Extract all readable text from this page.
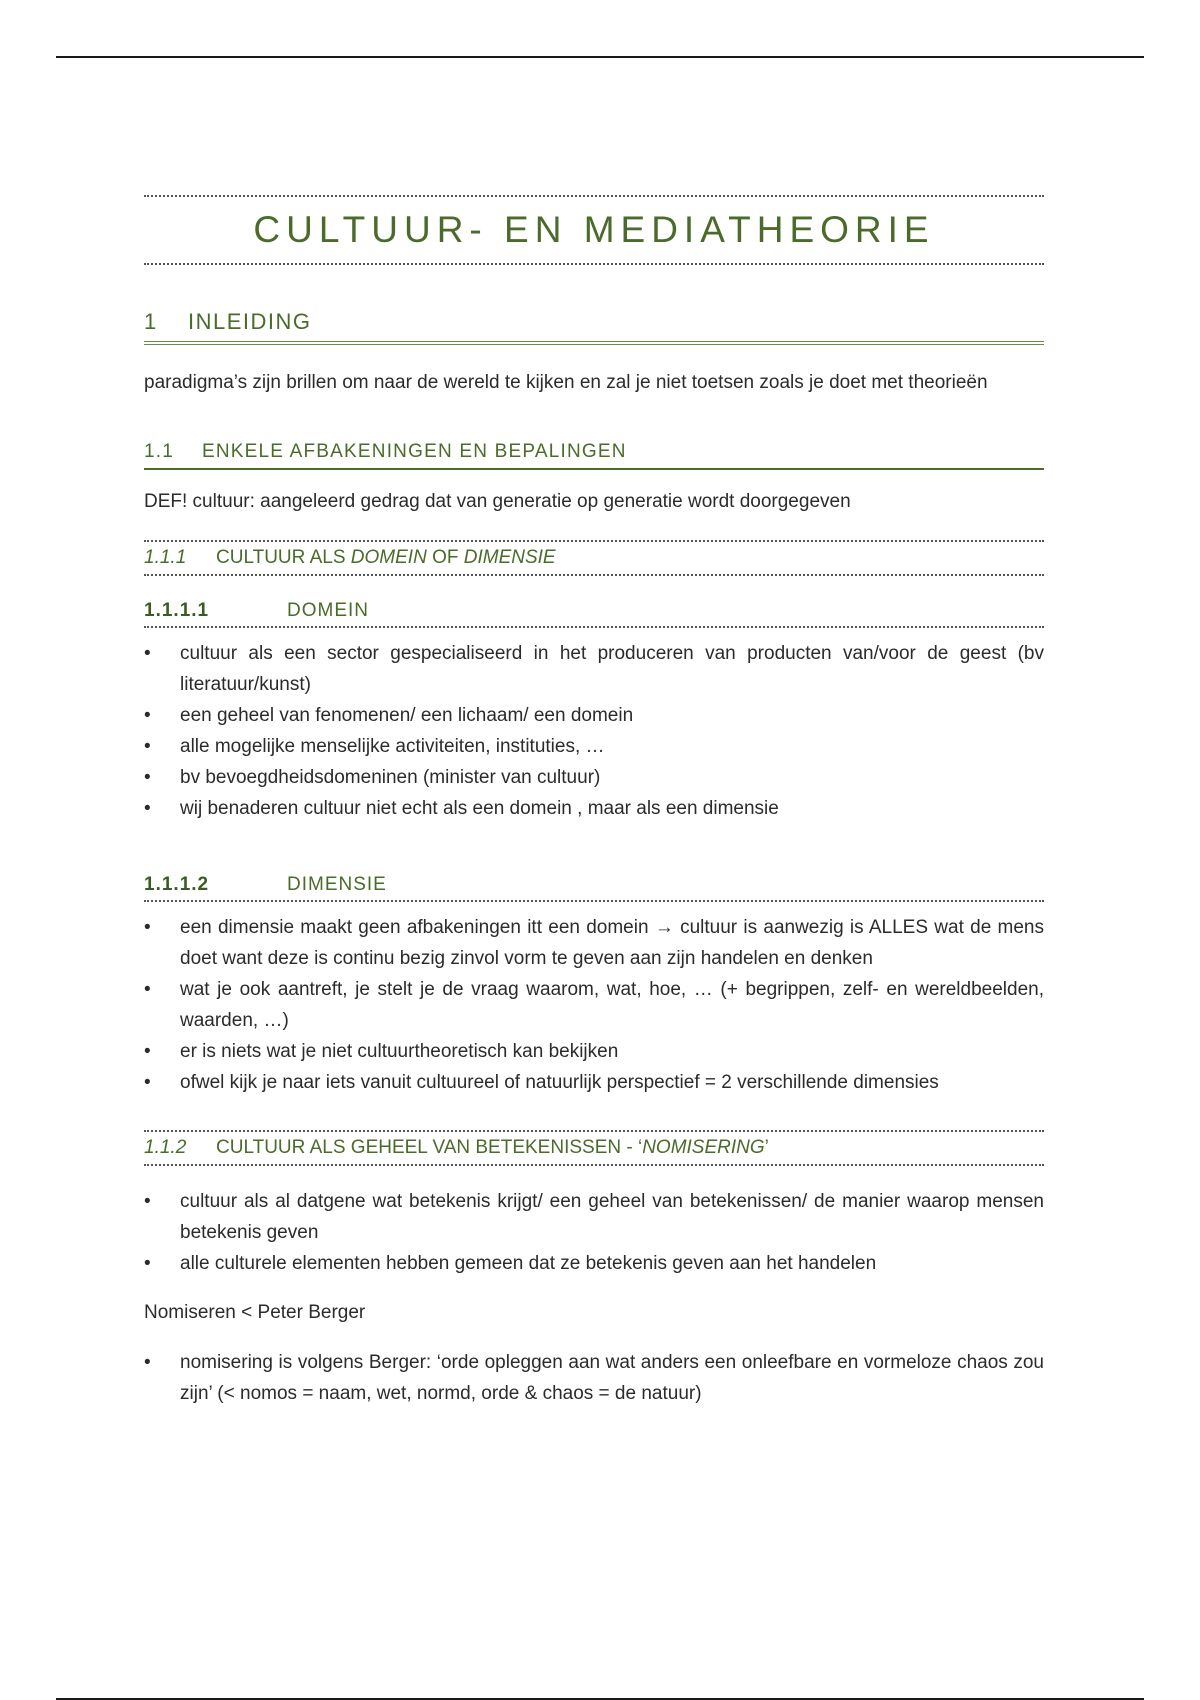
CULTUUR- EN MEDIATHEORIE
1	INLEIDING

paradigma’s zijn brillen om naar de wereld te kijken en zal je niet toetsen zoals je doet met theorieën

1.1	ENKELE AFBAKENINGEN EN BEPALINGEN

DEF! cultuur: aangeleerd gedrag dat van generatie op generatie wordt doorgegeven

1.1.1	CULTUUR ALS DOMEIN OF DIMENSIE
1.1.1.1	DOMEIN
• cultuur als een sector gespecialiseerd in het produceren van producten van/voor de geest (bv literatuur/kunst)
• een geheel van fenomenen/ een lichaam/ een domein
• alle mogelijke menselijke activiteiten, instituties, …
• bv bevoegdheidsdomeninen (minister van cultuur)
• wij benaderen cultuur niet echt als een domein , maar als een dimensie
1.1.1.2	DIMENSIE
• een dimensie maakt geen afbakeningen itt een domein → cultuur is aanwezig is ALLES wat de mens doet want deze is continu bezig zinvol vorm te geven aan zijn handelen en denken
• wat je ook aantreft, je stelt je de vraag waarom, wat, hoe, … (+ begrippen, zelf- en wereldbeelden, waarden, …)
• er is niets wat je niet cultuurtheoretisch kan bekijken
• ofwel kijk je naar iets vanuit cultuureel of natuurlijk perspectief = 2 verschillende dimensies
1.1.2	CULTUUR ALS GEHEEL VAN BETEKENISSEN - ‘NOMISERING’
• cultuur als al datgene wat betekenis krijgt/ een geheel van betekenissen/ de manier waarop mensen betekenis geven
• alle culturele elementen hebben gemeen dat ze betekenis geven aan het handelen

Nomiseren < Peter Berger

• nomisering is volgens Berger: ‘orde opleggen aan wat anders een onleefbare en vormeloze chaos zou zijn’ (< nomos = naam, wet, normd, orde & chaos = de natuur)
